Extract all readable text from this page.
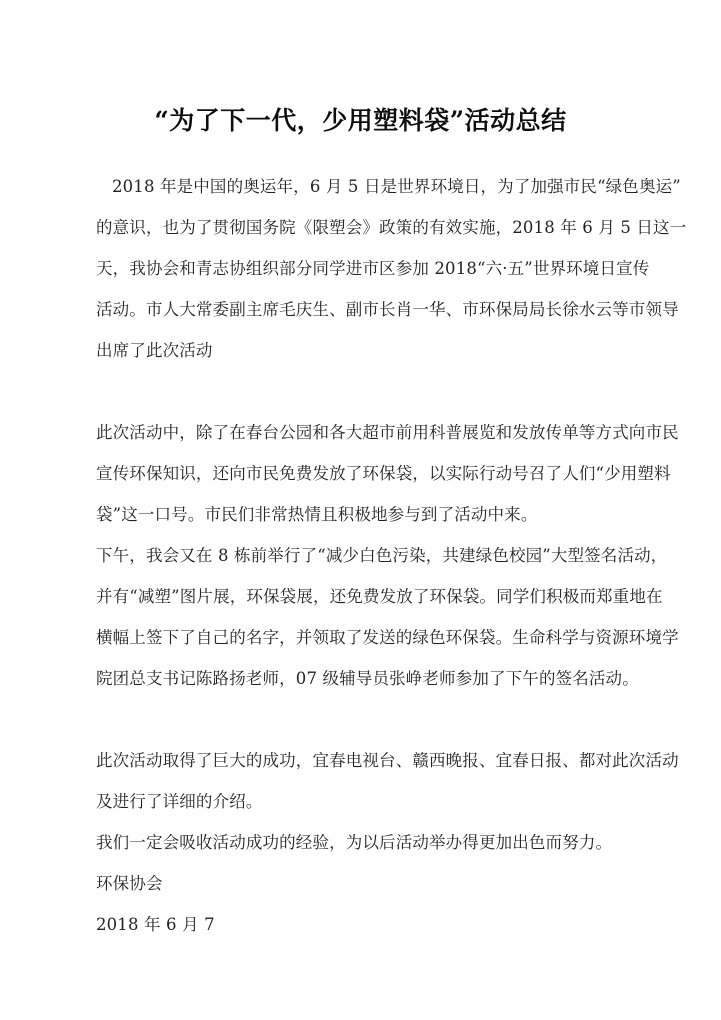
“为了下一代，少用塑料袋”活动总结
2018 年是中国的奥运年，6 月 5 日是世界环境日，为了加强市民“绿色奥运”
的意识，也为了贯彻国务院《限塑会》政策的有效实施，2018 年 6 月 5 日这一
天，我协会和青志协组织部分同学进市区参加 2018“六·五”世界环境日宣传
活动。市人大常委副主席毛庆生、副市长肖一华、市环保局局长徐水云等市领导
出席了此次活动
此次活动中，除了在春台公园和各大超市前用科普展览和发放传单等方式向市民
宣传环保知识，还向市民免费发放了环保袋，以实际行动号召了人们“少用塑料
袋”这一口号。市民们非常热情且积极地参与到了活动中来。
下午，我会又在 8 栋前举行了“减少白色污染，共建绿色校园”大型签名活动，
并有“减塑”图片展，环保袋展，还免费发放了环保袋。同学们积极而郑重地在
横幅上签下了自己的名字，并领取了发送的绿色环保袋。生命科学与资源环境学
院团总支书记陈路扬老师，07 级辅导员张峥老师参加了下午的签名活动。
此次活动取得了巨大的成功，宜春电视台、赣西晚报、宜春日报、都对此次活动
及进行了详细的介绍。
我们一定会吸收活动成功的经验，为以后活动举办得更加出色而努力。
环保协会
2018 年 6 月 7
